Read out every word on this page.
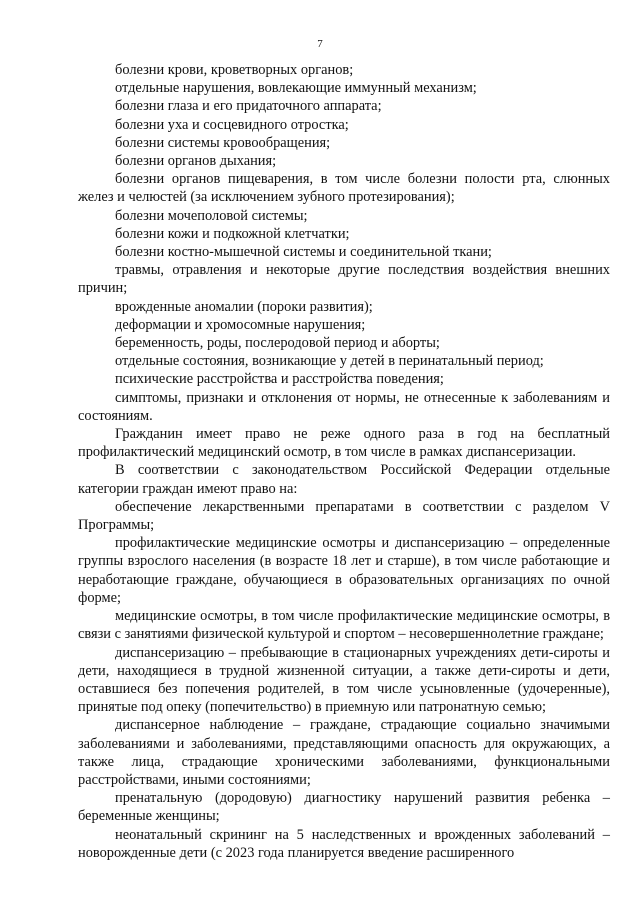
7

болезни крови, кроветворных органов;

отдельные нарушения, вовлекающие иммунный механизм;

болезни глаза и его придаточного аппарата;

болезни уха и сосцевидного отростка;

болезни системы кровообращения;

болезни органов дыхания;

болезни органов пищеварения, в том числе болезни полости рта, слюнных желез и челюстей (за исключением зубного протезирования);

болезни мочеполовой системы;

болезни кожи и подкожной клетчатки;

болезни костно-мышечной системы и соединительной ткани;

травмы, отравления и некоторые другие последствия воздействия внешних причин;

врожденные аномалии (пороки развития);

деформации и хромосомные нарушения;

беременность, роды, послеродовой период и аборты;

отдельные состояния, возникающие у детей в перинатальный период;

психические расстройства и расстройства поведения;

симптомы, признаки и отклонения от нормы, не отнесенные к заболеваниям и состояниям.

Гражданин имеет право не реже одного раза в год на бесплатный профилактический медицинский осмотр, в том числе в рамках диспансеризации.

В соответствии с законодательством Российской Федерации отдельные категории граждан имеют право на:

обеспечение лекарственными препаратами в соответствии с разделом V Программы;

профилактические медицинские осмотры и диспансеризацию – определенные группы взрослого населения (в возрасте 18 лет и старше), в том числе работающие и неработающие граждане, обучающиеся в образовательных организациях по очной форме;

медицинские осмотры, в том числе профилактические медицинские осмотры, в связи с занятиями физической культурой и спортом – несовершеннолетние граждане;

диспансеризацию – пребывающие в стационарных учреждениях дети-сироты и дети, находящиеся в трудной жизненной ситуации, а также дети-сироты и дети, оставшиеся без попечения родителей, в том числе усыновленные (удочеренные), принятые под опеку (попечительство) в приемную или патронатную семью;

диспансерное наблюдение – граждане, страдающие социально значимыми заболеваниями и заболеваниями, представляющими опасность для окружающих, а также лица, страдающие хроническими заболеваниями, функциональными расстройствами, иными состояниями;

пренатальную (дородовую) диагностику нарушений развития ребенка – беременные женщины;

неонатальный скрининг на 5 наследственных и врожденных заболеваний – новорожденные дети (с 2023 года планируется введение расширенного
